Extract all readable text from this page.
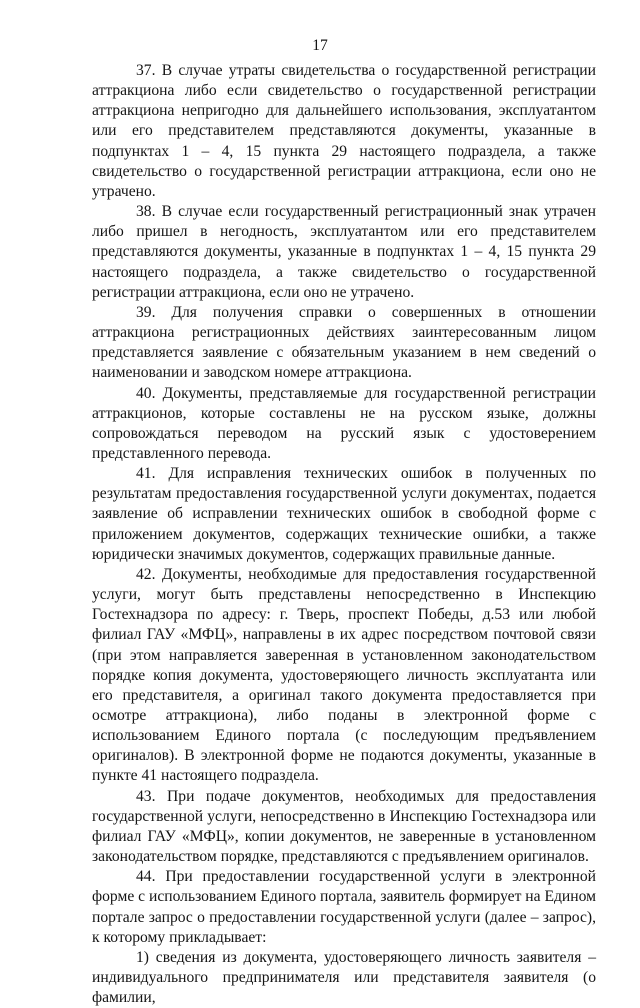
17

37. В случае утраты свидетельства о государственной регистрации аттракциона либо если свидетельство о государственной регистрации аттракциона непригодно для дальнейшего использования, эксплуатантом или его представителем представляются документы, указанные в подпунктах 1 – 4, 15 пункта 29 настоящего подраздела, а также свидетельство о государственной регистрации аттракциона, если оно не утрачено.

38. В случае если государственный регистрационный знак утрачен либо пришел в негодность, эксплуатантом или его представителем представляются документы, указанные в подпунктах 1 – 4, 15 пункта 29 настоящего подраздела, а также свидетельство о государственной регистрации аттракциона, если оно не утрачено.

39. Для получения справки о совершенных в отношении аттракциона регистрационных действиях заинтересованным лицом представляется заявление с обязательным указанием в нем сведений о наименовании и заводском номере аттракциона.

40. Документы, представляемые для государственной регистрации аттракционов, которые составлены не на русском языке, должны сопровождаться переводом на русский язык с удостоверением представленного перевода.

41. Для исправления технических ошибок в полученных по результатам предоставления государственной услуги документах, подается заявление об исправлении технических ошибок в свободной форме с приложением документов, содержащих технические ошибки, а также юридически значимых документов, содержащих правильные данные.

42. Документы, необходимые для предоставления государственной услуги, могут быть представлены непосредственно в Инспекцию Гостехнадзора по адресу: г. Тверь, проспект Победы, д.53 или любой филиал ГАУ «МФЦ», направлены в их адрес посредством почтовой связи (при этом направляется заверенная в установленном законодательством порядке копия документа, удостоверяющего личность эксплуатанта или его представителя, а оригинал такого документа предоставляется при осмотре аттракциона), либо поданы в электронной форме с использованием Единого портала (с последующим предъявлением оригиналов). В электронной форме не подаются документы, указанные в пункте 41 настоящего подраздела.

43. При подаче документов, необходимых для предоставления государственной услуги, непосредственно в Инспекцию Гостехнадзора или филиал ГАУ «МФЦ», копии документов, не заверенные в установленном законодательством порядке, представляются с предъявлением оригиналов.

44. При предоставлении государственной услуги в электронной форме с использованием Единого портала, заявитель формирует на Едином портале запрос о предоставлении государственной услуги (далее – запрос), к которому прикладывает:

1) сведения из документа, удостоверяющего личность заявителя – индивидуального предпринимателя или представителя заявителя (о фамилии,
